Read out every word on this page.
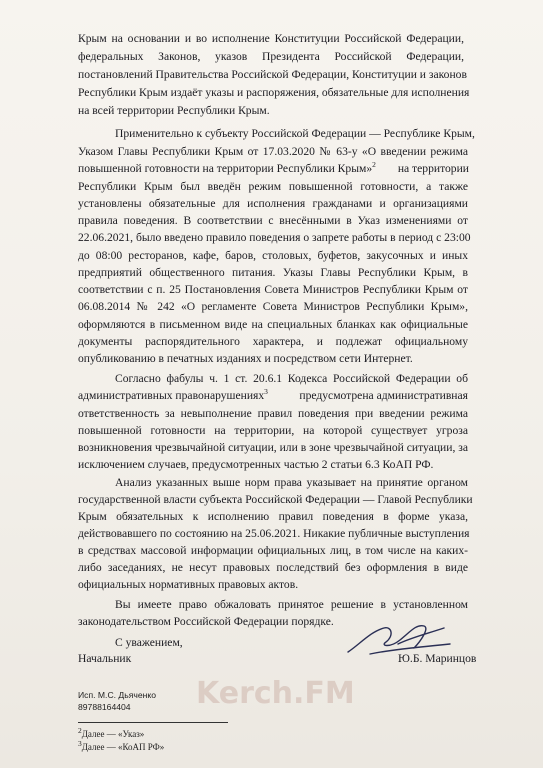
Крым на основании и во исполнение Конституции Российской Федерации,
федеральных Законов, указов Президента Российской Федерации,
постановлений Правительства Российской Федерации, Конституции и законов
Республики Крым издаёт указы и распоряжения, обязательные для исполнения
на всей территории Республики Крым.
Применительно к субъекту Российской Федерации — Республике Крым,
Указом Главы Республики Крым от 17.03.2020 № 63-у «О введении режима
повышенной готовности на территории Республики Крым»$^2$ на территории
Республики Крым был введён режим повышенной готовности, а также
установлены обязательные для исполнения гражданами и организациями
правила поведения. В соответствии с внесёнными в Указ изменениями от
22.06.2021, было введено правило поведения о запрете работы в период с 23:00
до 08:00 ресторанов, кафе, баров, столовых, буфетов, закусочных и иных
предприятий общественного питания. Указы Главы Республики Крым, в
соответствии с п. 25 Постановления Совета Министров Республики Крым от
06.08.2014 № 242 «О регламенте Совета Министров Республики Крым»,
оформляются в письменном виде на специальных бланках как официальные
документы распорядительного характера, и подлежат официальному
опубликованию в печатных изданиях и посредством сети Интернет.
Согласно фабулы ч. 1 ст. 20.6.1 Кодекса Российской Федерации об
административных правонарушениях$^3$	предусмотрена административная
ответственность за невыполнение правил поведения при введении режима
повышенной готовности на территории, на которой существует угроза
возникновения чрезвычайной ситуации, или в зоне чрезвычайной ситуации, за
исключением случаев, предусмотренных частью 2 статьи 6.3 КоАП РФ.
Анализ указанных выше норм права указывает на принятие органом
государственной власти субъекта Российской Федерации — Главой Республики
Крым обязательных к исполнению правил поведения в форме указа,
действовавшего по состоянию на 25.06.2021. Никакие публичные выступления
в средствах массовой информации официальных лиц, в том числе на каких-
либо заседаниях, не несут правовых последствий без оформления в виде
официальных нормативных правовых актов.
Вы имеете право обжаловать принятое решение в установленном
законодательством Российской Федерации порядке.
С уважением,
Начальник	Ю.Б. Маринцов
Kerch.FM
Исп. М.С. Дьяченко
89788164404
$^2$Далее — «Указ»
$^3$Далее — «КоАП РФ»
